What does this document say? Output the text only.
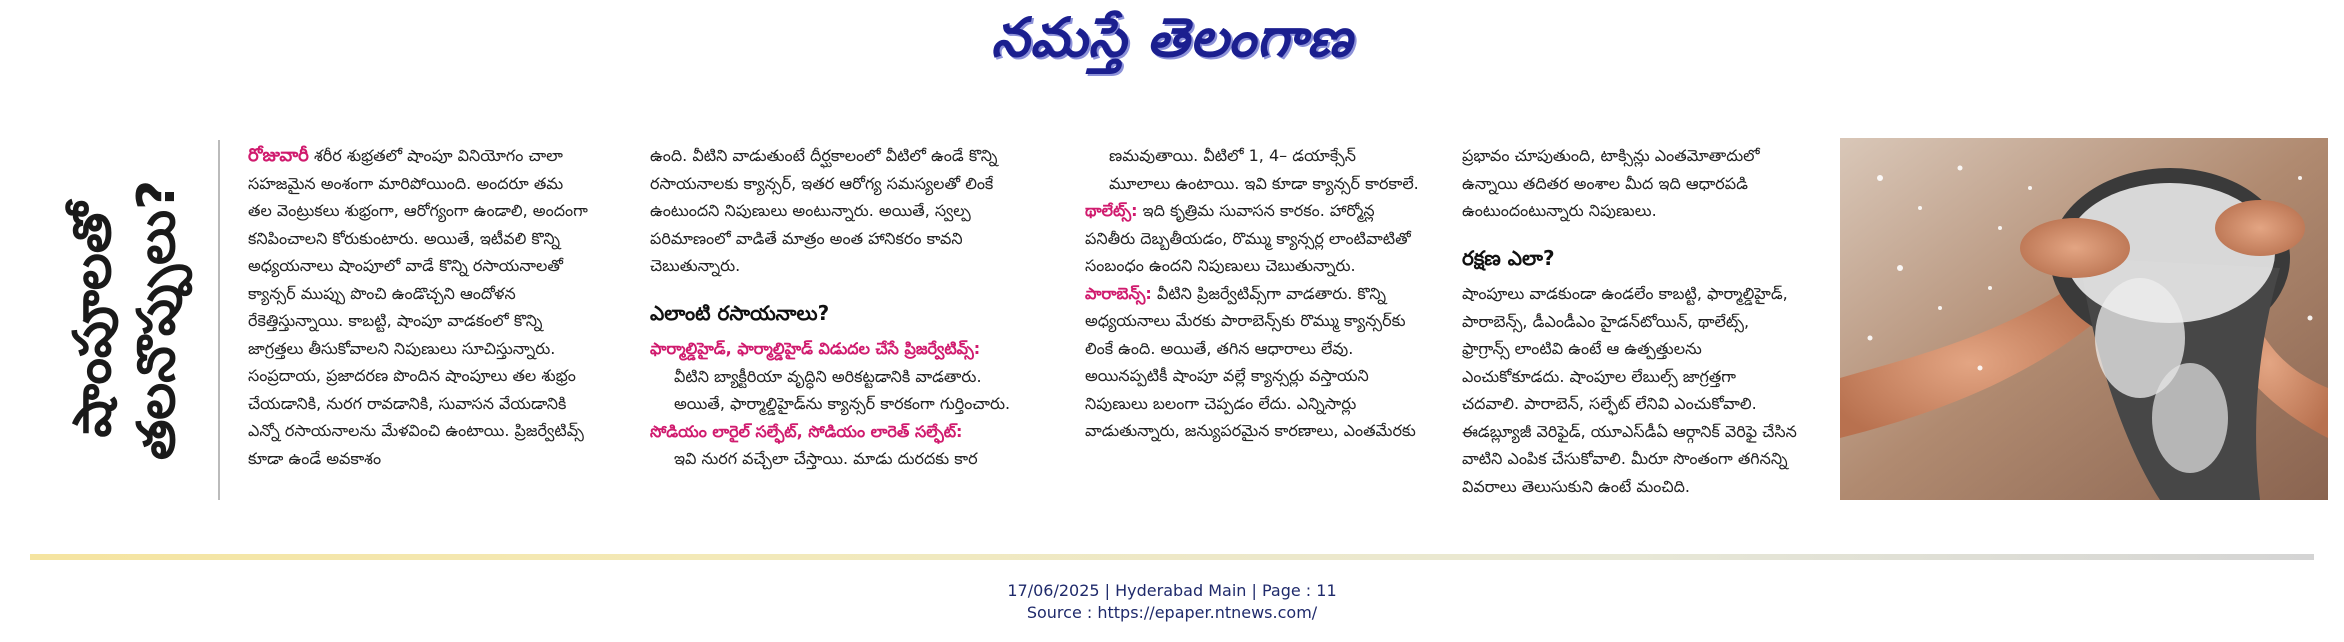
నమస్తే తెలంగాణ
షాంపూలతో తలనొప్పులు?

రోజువారీ శరీర శుభ్రతలో షాంపూ వినియోగం చాలా సహజమైన అంశంగా మారిపోయింది. అందరూ తమ తల వెంట్రుకలు శుభ్రంగా, ఆరోగ్యంగా ఉండాలి, అందంగా కనిపించాలని కోరుకుంటారు. అయితే, ఇటీవలి కొన్ని అధ్యయనాలు షాంపూలో వాడే కొన్ని రసాయనాలతో క్యాన్సర్ ముప్పు పొంచి ఉండొచ్చని ఆందోళన రేకెత్తిస్తున్నాయి. కాబట్టి, షాంపూ వాడకంలో కొన్ని జాగ్రత్తలు తీసుకోవాలని నిపుణులు సూచిస్తున్నారు.

సంప్రదాయ, ప్రజాదరణ పొందిన షాంపూలు తల శుభ్రం చేయడానికి, నురగ రావడానికి, సువాసన వేయడానికి ఎన్నో రసాయనాలను మేళవించి ఉంటాయి. ప్రిజర్వేటివ్స్ కూడా ఉండే అవకాశం

ఉంది. వీటిని వాడుతుంటే దీర్ఘకాలంలో వీటిలో ఉండే కొన్ని రసాయనాలకు క్యాన్సర్, ఇతర ఆరోగ్య సమస్యలతో లింకే ఉంటుందని నిపుణులు అంటున్నారు. అయితే, స్వల్ప పరిమాణంలో వాడితే మాత్రం అంత హానికరం కావని చెబుతున్నారు.

ఎలాంటి రసాయనాలు?

ఫార్మాల్డిహైడ్, ఫార్మాల్డిహైడ్ విడుదల చేసే ప్రిజర్వేటివ్స్:

వీటిని బ్యాక్టీరియా వృద్ధిని అరికట్టడానికి వాడతారు. అయితే, ఫార్మాల్డిహైడ్‌ను క్యాన్సర్ కారకంగా గుర్తించారు.

సోడియం లారైల్ సల్ఫేట్, సోడియం లారెత్ సల్ఫేట్:

ఇవి నురగ వచ్చేలా చేస్తాయి. మాడు దురదకు కార

ణమవుతాయి. వీటిలో 1, 4– డయాక్సేన్ మూలాలు ఉంటాయి. ఇవి కూడా క్యాన్సర్ కారకాలే.

థాలేట్స్: ఇది కృత్రిమ సువాసన కారకం. హార్మోన్ల పనితీరు దెబ్బతీయడం, రొమ్ము క్యాన్సర్ల లాంటివాటితో సంబంధం ఉందని నిపుణులు చెబుతున్నారు.

పారాబెన్స్: వీటిని ప్రిజర్వేటివ్స్‌గా వాడతారు. కొన్ని అధ్యయనాలు మేరకు పారాబెన్స్‌కు రొమ్ము క్యాన్సర్‌కు లింకే ఉంది. అయితే, తగిన ఆధారాలు లేవు. అయినప్పటికీ షాంపూ వల్లే క్యాన్సర్లు వస్తాయని నిపుణులు బలంగా చెప్పడం లేదు. ఎన్నిసార్లు వాడుతున్నారు, జన్యుపరమైన కారణాలు, ఎంతమేరకు

ప్రభావం చూపుతుంది, టాక్సిన్లు ఎంతమోతాదులో ఉన్నాయి తదితర అంశాల మీద ఇది ఆధారపడి ఉంటుందంటున్నారు నిపుణులు.

రక్షణ ఎలా?

షాంపూలు వాడకుండా ఉండలేం కాబట్టి, ఫార్మాల్డిహైడ్, పారాబెన్స్, డీఎండీఎం హైడన్‌టోయిన్, థాలేట్స్, ఫ్రాగ్రాన్స్ లాంటివి ఉంటే ఆ ఉత్పత్తులను ఎంచుకోకూడదు. షాంపూల లేబుల్స్ జాగ్రత్తగా చదవాలి. పారాబెన్, సల్ఫేట్ లేనివి ఎంచుకోవాలి. ఈడబ్ల్యూజీ వెరిఫైడ్, యూఎస్‌డీఏ ఆర్గానిక్ వెరిఫై చేసిన వాటిని ఎంపిక చేసుకోవాలి. మీరూ సొంతంగా తగినన్ని వివరాలు తెలుసుకుని ఉంటే మంచిది.

17/06/2025 | Hyderabad Main | Page : 11
Source : https://epaper.ntnews.com/
